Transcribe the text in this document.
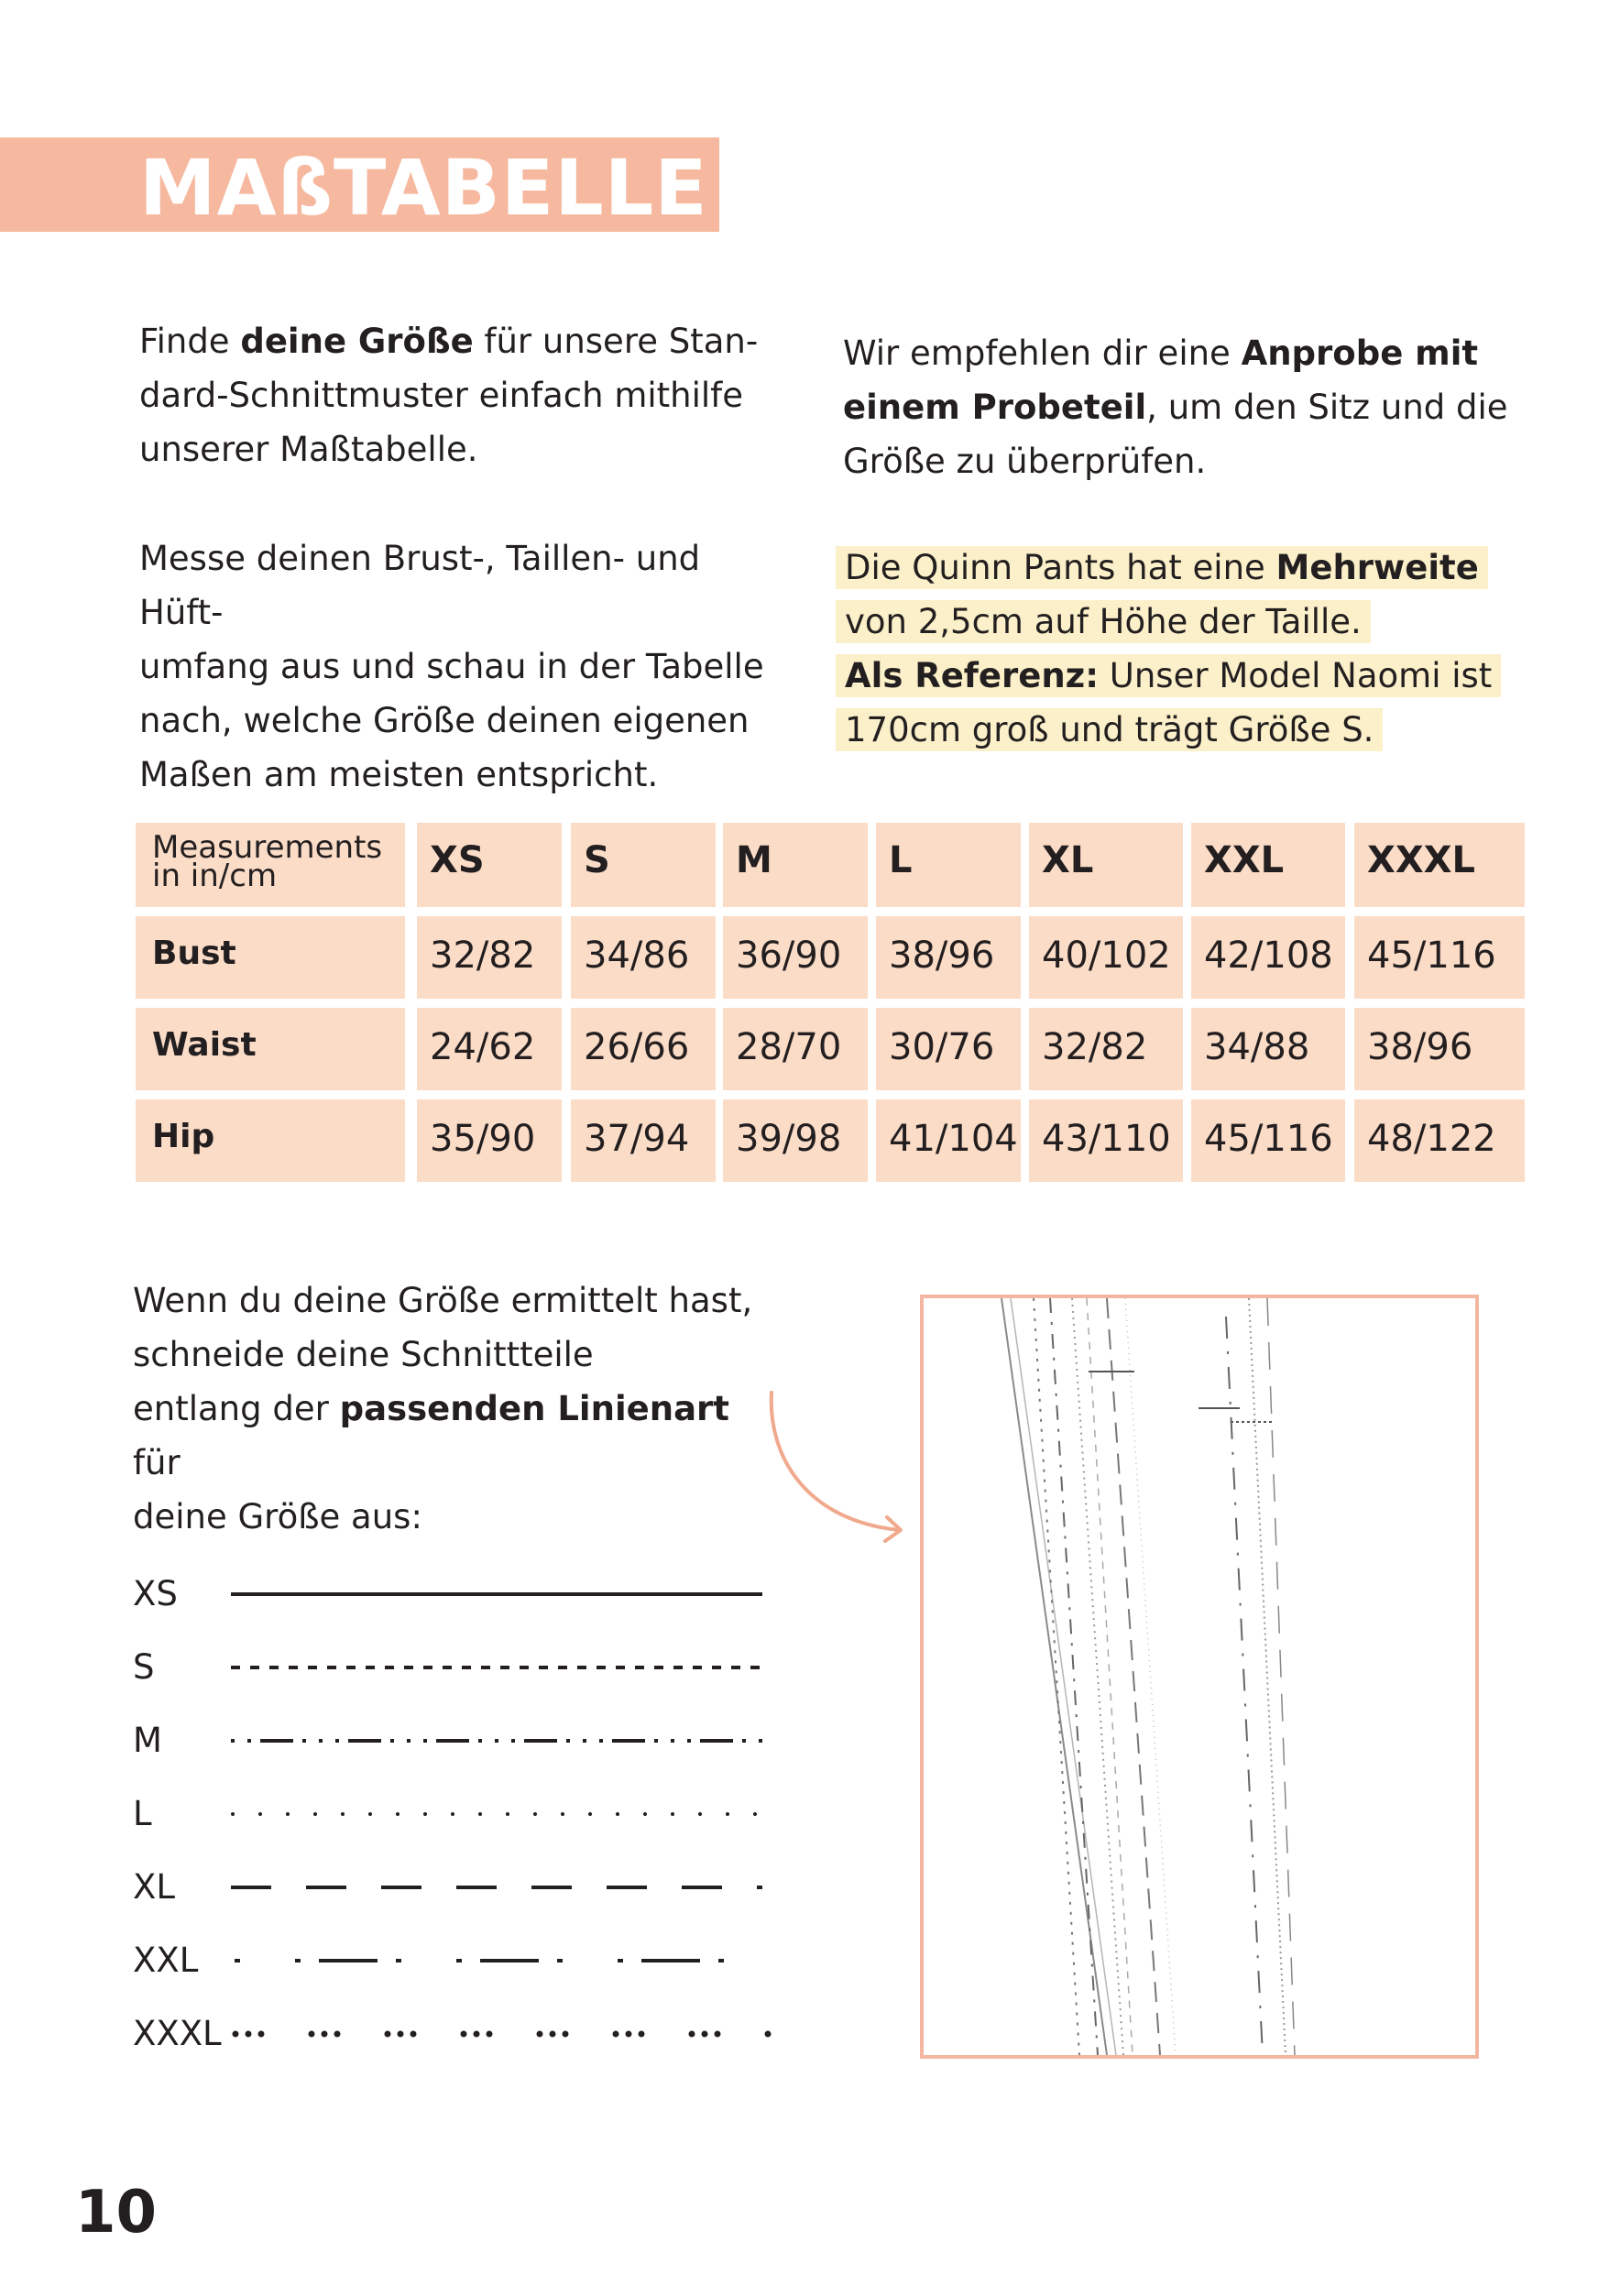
MAßTABELLE
Finde deine Größe für unsere Stan-
dard-Schnittmuster einfach mithilfe
unserer Maßtabelle.
Messe deinen Brust-, Taillen- und Hüft-
umfang aus und schau in der Tabelle
nach, welche Größe deinen eigenen
Maßen am meisten entspricht.
Wir empfehlen dir eine Anprobe mit
einem Probeteil, um den Sitz und die
Größe zu überprüfen.
Die Quinn Pants hat eine Mehrweite
von 2,5cm auf Höhe der Taille.
Als Referenz: Unser Model Naomi ist
170cm groß und trägt Größe S.
Measurements
in in/cm	XS	S	M	L	XL	XXL	XXXL
Bust	32/82	34/86	36/90	38/96	40/102 42/108 45/116
Waist	24/62	26/66	28/70	30/76	32/82	34/88	38/96
Hip	35/90	37/94	39/98	41/104 43/110 45/116 48/122
Wenn du deine Größe ermittelt hast,
schneide deine Schnittteile
entlang der passenden Linienart für
deine Größe aus:
XS
S
M
L
XL
XXL
XXXL
10
